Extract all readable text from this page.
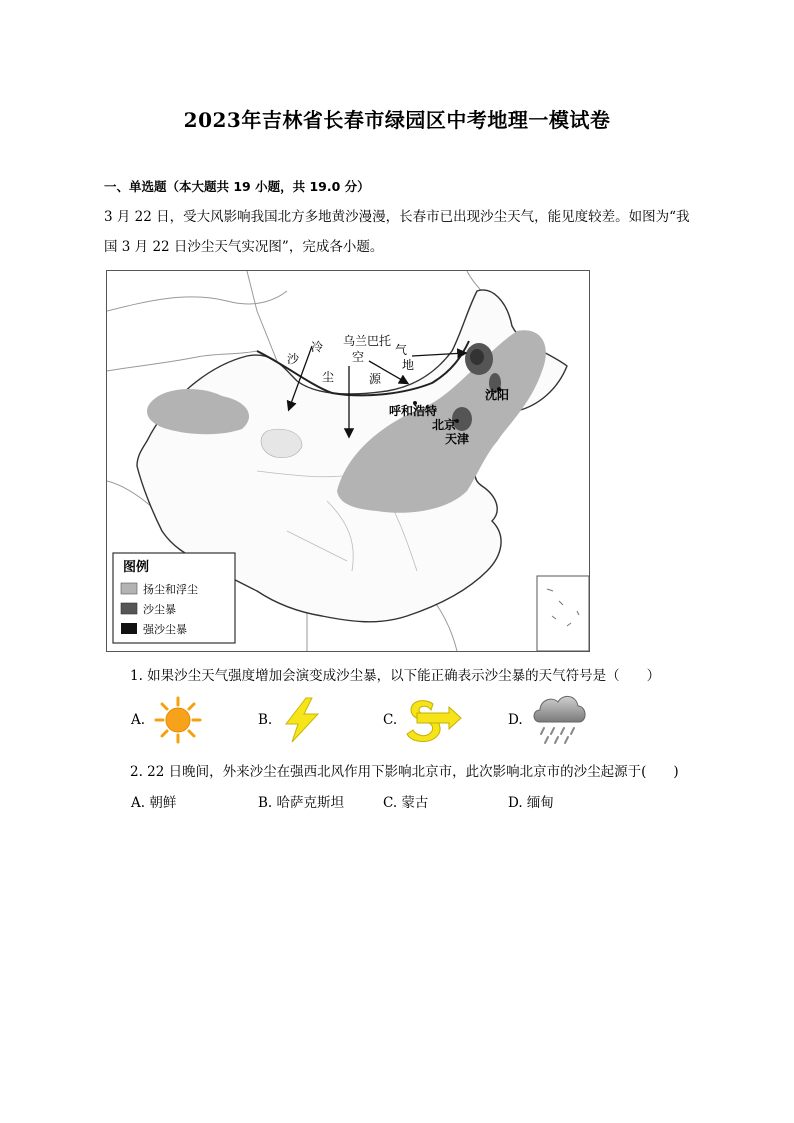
2023年吉林省长春市绿园区中考地理一模试卷
一、单选题（本大题共 19 小题，共 19.0 分）
3 月 22 日，受大风影响我国北方多地黄沙漫漫，长春市已出现沙尘天气，能见度较差。如图为“我
国 3 月 22 日沙尘天气实况图”，完成各小题。
沙
冷
尘
乌兰巴托
空	气
源
地
呼和浩特
沈阳
北京
天津
图例
扬尘和浮尘
沙尘暴
强沙尘暴
1. 如果沙尘天气强度增加会演变成沙尘暴，以下能正确表示沙尘暴的天气符号是（　　）
A.	B.	C.	D.
2. 22 日晚间，外来沙尘在强西北风作用下影响北京市，此次影响北京市的沙尘起源于(　　)
A. 朝鲜	B. 哈萨克斯坦	C. 蒙古	D. 缅甸
